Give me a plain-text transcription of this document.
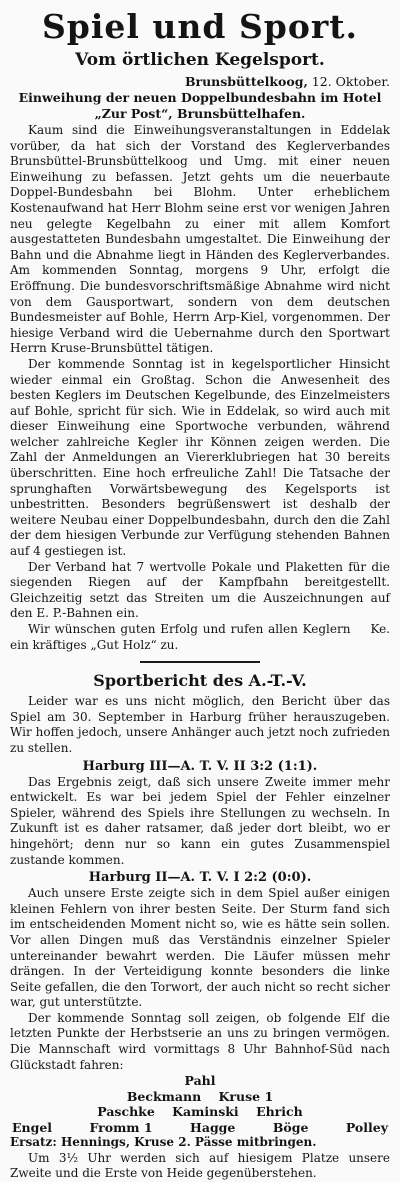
Spiel und Sport.
Vom örtlichen Kegelsport.
Brunsbüttelkoog, 12. Oktober.
Einweihung der neuen Doppelbundesbahn im Hotel
„Zur Post“, Brunsbüttelhafen.

Kaum sind die Einweihungsveranstaltungen in Eddelak vorüber, da hat sich der Vorstand des Keglerverbandes Brunsbüttel-Brunsbüttelkoog und Umg. mit einer neuen Einweihung zu befassen. Jetzt gehts um die neuerbaute Doppel-Bundesbahn bei Blohm. Unter erheblichem Kostenaufwand hat Herr Blohm seine erst vor wenigen Jahren neu gelegte Kegelbahn zu einer mit allem Komfort ausgestatteten Bundesbahn umgestaltet. Die Einweihung der Bahn und die Abnahme liegt in Händen des Keglerverbandes. Am kommenden Sonntag, morgens 9 Uhr, erfolgt die Eröffnung. Die bundesvorschriftsmäßige Abnahme wird nicht von dem Gausportwart, sondern von dem deutschen Bundesmeister auf Bohle, Herrn Arp-Kiel, vorgenommen. Der hiesige Verband wird die Uebernahme durch den Sportwart Herrn Kruse-Brunsbüttel tätigen.

Der kommende Sonntag ist in kegelsportlicher Hinsicht wieder einmal ein Großtag. Schon die Anwesenheit des besten Keglers im Deutschen Kegelbunde, des Einzelmeisters auf Bohle, spricht für sich. Wie in Eddelak, so wird auch mit dieser Einweihung eine Sportwoche verbunden, während welcher zahlreiche Kegler ihr Können zeigen werden. Die Zahl der Anmeldungen an Viererklubriegen hat 30 bereits überschritten. Eine hoch erfreuliche Zahl! Die Tatsache der sprunghaften Vorwärtsbewegung des Kegelsports ist unbestritten. Besonders begrüßenswert ist deshalb der weitere Neubau einer Doppelbundesbahn, durch den die Zahl der dem hiesigen Verbunde zur Verfügung stehenden Bahnen auf 4 gestiegen ist.

Der Verband hat 7 wertvolle Pokale und Plaketten für die siegenden Riegen auf der Kampfbahn bereitgestellt. Gleichzeitig setzt das Streiten um die Auszeichnungen auf den E. P.-Bahnen ein.

Wir wünschen guten Erfolg und rufen allen Keglern ein kräftiges „Gut Holz“ zu.

Ke.
Sportbericht des A.-T.-V.

Leider war es uns nicht möglich, den Bericht über das Spiel am 30. September in Harburg früher herauszugeben. Wir hoffen jedoch, unsere Anhänger auch jetzt noch zufrieden zu stellen.

Harburg III—A. T. V. II 3:2 (1:1).

Das Ergebnis zeigt, daß sich unsere Zweite immer mehr entwickelt. Es war bei jedem Spiel der Fehler einzelner Spieler, während des Spiels ihre Stellungen zu wechseln. In Zukunft ist es daher ratsamer, daß jeder dort bleibt, wo er hingehört; denn nur so kann ein gutes Zusammenspiel zustande kommen.

Harburg II—A. T. V. I 2:2 (0:0).

Auch unsere Erste zeigte sich in dem Spiel außer einigen kleinen Fehlern von ihrer besten Seite. Der Sturm fand sich im entscheidenden Moment nicht so, wie es hätte sein sollen. Vor allen Dingen muß das Verständnis einzelner Spieler untereinander bewahrt werden. Die Läufer müssen mehr drängen. In der Verteidigung konnte besonders die linke Seite gefallen, die den Torwort, der auch nicht so recht sicher war, gut unterstützte.

Der kommende Sonntag soll zeigen, ob folgende Elf die letzten Punkte der Herbstserie an uns zu bringen vermögen. Die Mannschaft wird vormittags 8 Uhr Bahnhof-Süd nach Glückstadt fahren:

Pahl
Beckmann    Kruse 1
Paschke    Kaminski    Ehrich
Engel	Fromm 1	Hagge	Böge	Polley
Ersatz: Hennings, Kruse 2. Pässe mitbringen.

Um 3½ Uhr werden sich auf hiesigem Platze unsere Zweite und die Erste von Heide gegenüberstehen.
